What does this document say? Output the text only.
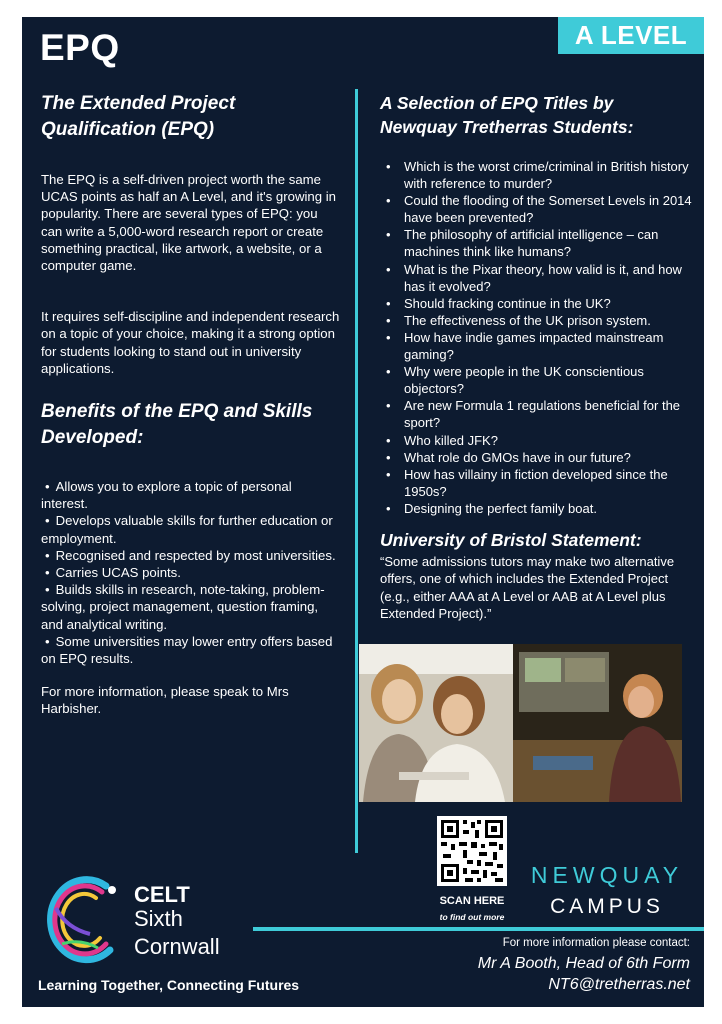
EPQ	A LEVEL
The Extended Project Qualification (EPQ)

The EPQ is a self-driven project worth the same UCAS points as half an A Level, and it's growing in popularity. There are several types of EPQ: you can write a 5,000-word research report or create something practical, like artwork, a website, or a computer game.

It requires self-discipline and independent research on a topic of your choice, making it a strong option for students looking to stand out in university applications.

Benefits of the EPQ and Skills Developed:
• Allows you to explore a topic of personal interest.
• Develops valuable skills for further education or employment.
• Recognised and respected by most universities.
• Carries UCAS points.
• Builds skills in research, note-taking, problem-solving, project management, question framing, and analytical writing.
• Some universities may lower entry offers based on EPQ results.

For more information, please speak to Mrs Harbisher.

A Selection of EPQ Titles by Newquay Tretherras Students:
• Which is the worst crime/criminal in British history with reference to murder?
• Could the flooding of the Somerset Levels in 2014 have been prevented?
• The philosophy of artificial intelligence – can machines think like humans?
• What is the Pixar theory, how valid is it, and how has it evolved?
• Should fracking continue in the UK?
• The effectiveness of the UK prison system.
• How have indie games impacted mainstream gaming?
• Why were people in the UK conscientious objectors?
• Are new Formula 1 regulations beneficial for the sport?
• Who killed JFK?
• What role do GMOs have in our future?
• How has villainy in fiction developed since the 1950s?
• Designing the perfect family boat.
University of Bristol Statement:

“Some admissions tutors may make two alternative offers, one of which includes the Extended Project (e.g., either AAA at A Level or AAB at A Level plus Extended Project).”

SCAN HERE
to find out more
NEWQUAY
CAMPUS
For more information please contact:
Mr A Booth, Head of 6th Form
NT6@tretherras.net
CELT
Sixth
Cornwall
Learning Together, Connecting Futures
